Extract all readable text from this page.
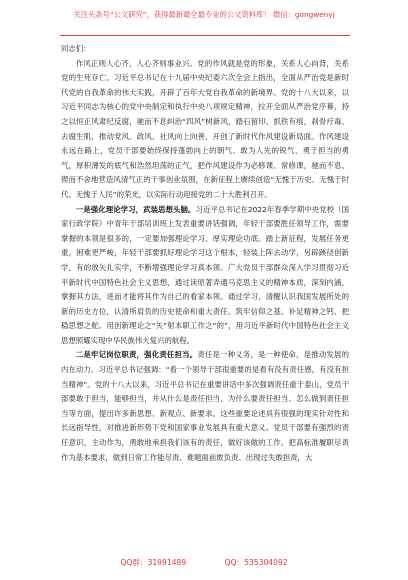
关注头条号“公文研究”，获得最新最全最专业的公文资料库！ 微信：gongwenyj

同志们：

作风正则人心齐，人心齐则事业兴。党的作风就是党的形象，关系人心向背，关系党的生死存亡。习近平总书记在十九届中央纪委六次全会上指出，全面从严治党是新时代党的自我革命的伟大实践，开辟了百年大党自我革命的新境界。党的十八大以来，以习近平同志为核心的党中央制定和执行中央八项规定精神，拉开全面从严治党序幕，持之以恒正风肃纪反腐，驰而不息纠治“四风”树新风，踏石留印、抓铁有痕，刹骨疗毒、去腐生肌，推动党风、政风、社风向上向善，开创了新时代作风建设新局面。作风建设永远在路上，党员干部要始终保持蓬勃向上的朝气、敢为人先的锐气、勇于担当的勇气，厚积薄发的底气和浩然坦荡的正气，把作风建设作为必修课、常修课，驰而不息、锲而不舍地营造风清气正的干事创业氛围，在新征程上赓续创造“无愧于历史、无愧于时代、无愧于人民”的荣光，以实际行动迎接党的二十大胜利召开。

一是强化理论学习，武装思想头脑。习近平总书记在2022年春季学期中央党校（国家行政学院）中青年干部培训班上发表重要讲话强调，年轻干部要胜任领导工作，需要掌握的本领是很多的，一定要加强理论学习、厚实理论功底。踏上新征程，发展任务更重，困难更严峻，年轻干部要抓好理论学习这个根本，轻装上阵去动学，另辟蹊径创新学，有的放矢扎实学，不断增强理论学习真本领。广大党员干部群众深入学习贯彻习近平新时代中国特色社会主义思想，通过读原著弄通马克思主义的精神本质，深刻内涵，掌握其方法，进而才能将其作为自己的看家本领。通过学习，清醒认识我国发展所处的新的历史方位，认清所肩负的历史使命和重大责任。筑牢信仰之基、补足精神之钙、把稳思想之舵。用创新理论之“矢”射本职工作之“的”，用习近平新时代中国特色社会主义思想照耀实现中华民族伟大复兴的航程。

二是牢记岗位职责，强化责任担当。责任是一种义务，是一种使命，是推动发展的内在动力。习近平总书记强调：“看一个领导干部很重要的是看有没有责任感，有没有担当精神”。党的十八大以来，习近平总书记在重要讲话中多次强调责任重于泰山，党员干部要敢于担当，能够担当，并从什么是责任担当、为什么要责任担当、怎么做到责任担当等方面，提出许多新思想、新观点、新要求。这些重要论述具有很强的现实针对性和长远指导性，对推进新形势下党和国家事业发展具有重大意义。党员干部要有强烈的责任意识，主动作为，勇敢地承担我们该有的责任，做好该做的工作。把高标准履职尽责作为基本要求，做到日常工作能尽责、难题面前敢负责、出现过失敢担责，大

QQ群：31991489	QQ：535304092
